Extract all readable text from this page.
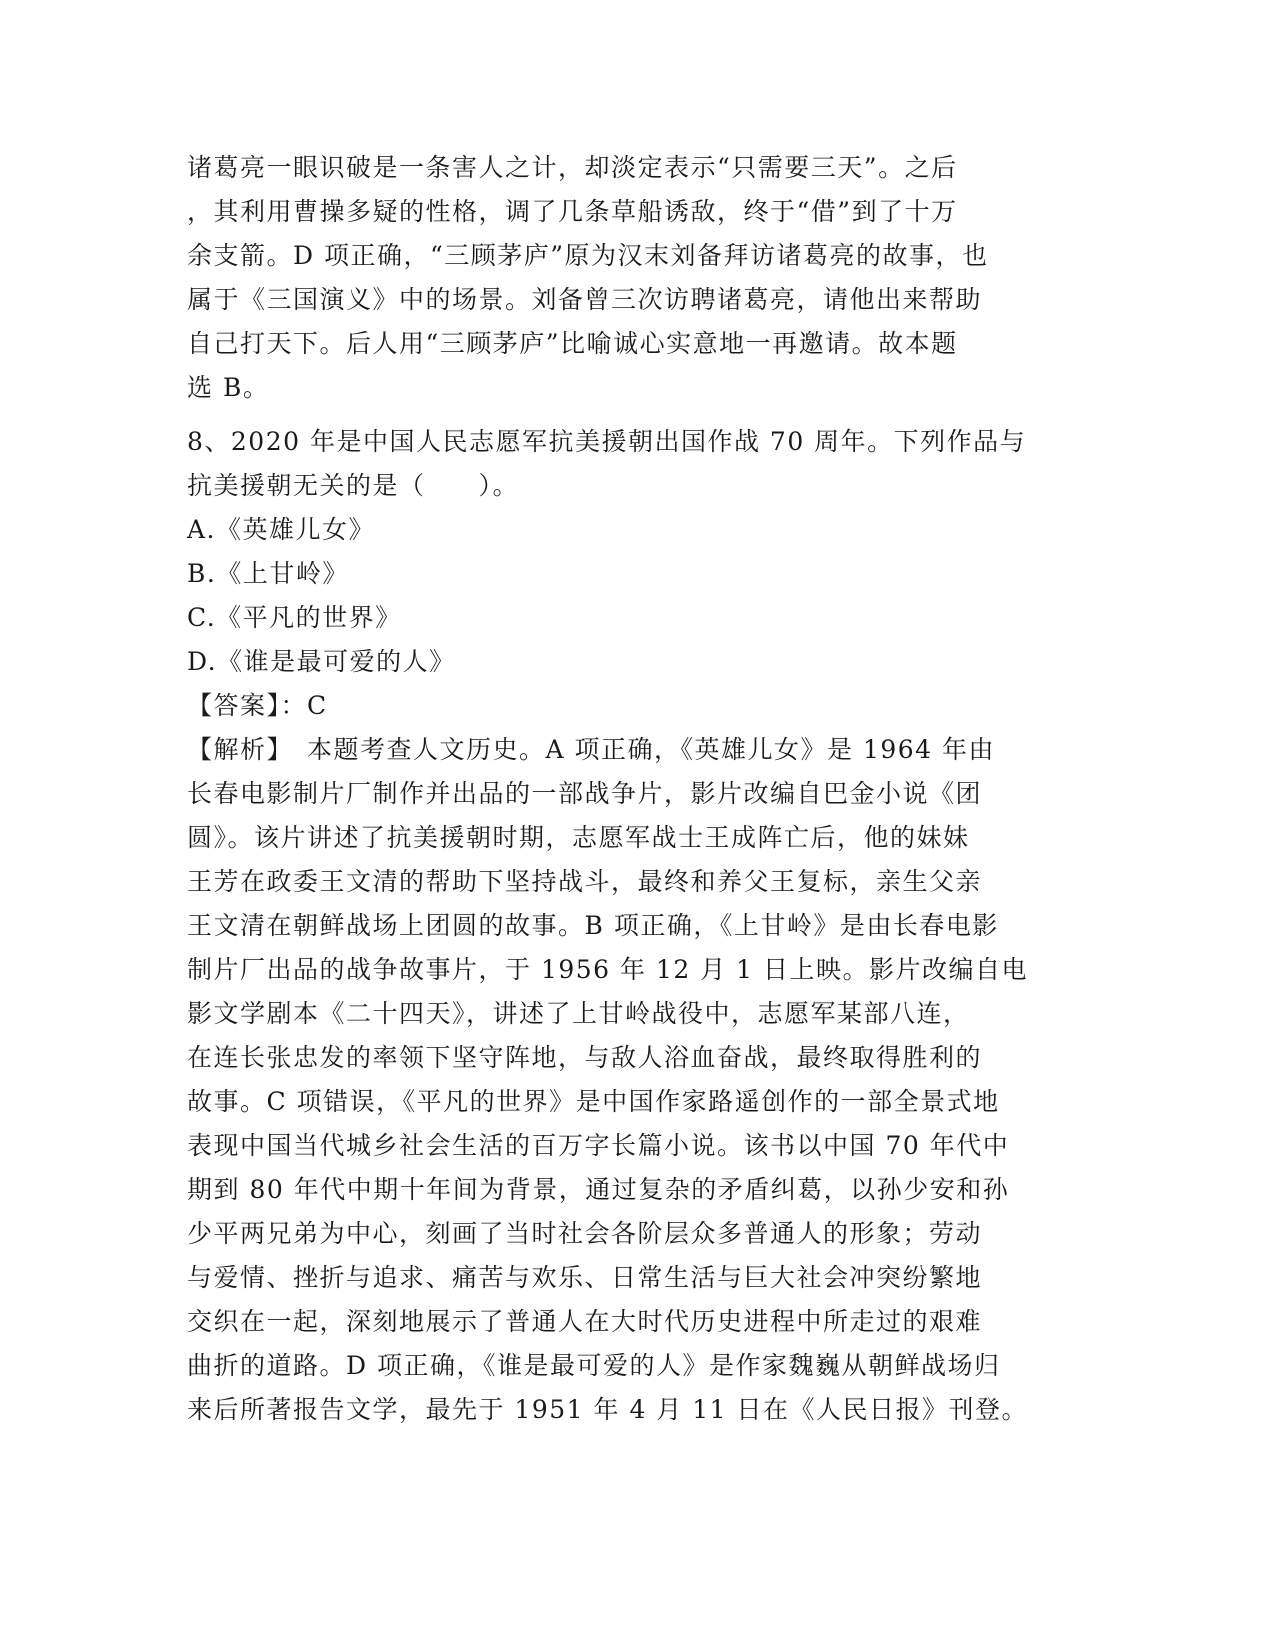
诸葛亮一眼识破是一条害人之计，却淡定表示“只需要三天”。之后
，其利用曹操多疑的性格，调了几条草船诱敌，终于“借”到了十万
余支箭。D 项正确，“三顾茅庐”原为汉末刘备拜访诸葛亮的故事，也
属于《三国演义》中的场景。刘备曾三次访聘诸葛亮，请他出来帮助
自己打天下。后人用“三顾茅庐”比喻诚心实意地一再邀请。故本题
选 B。
8、2020 年是中国人民志愿军抗美援朝出国作战 70 周年。下列作品与
抗美援朝无关的是（　　）。
A.《英雄儿女》
B.《上甘岭》
C.《平凡的世界》
D.《谁是最可爱的人》
【答案】：C
【解析】　本题考查人文历史。A 项正确，《英雄儿女》是 1964 年由
长春电影制片厂制作并出品的一部战争片，影片改编自巴金小说《团
圆》。该片讲述了抗美援朝时期，志愿军战士王成阵亡后，他的妹妹
王芳在政委王文清的帮助下坚持战斗，最终和养父王复标，亲生父亲
王文清在朝鲜战场上团圆的故事。B 项正确，《上甘岭》是由长春电影
制片厂出品的战争故事片，于 1956 年 12 月 1 日上映。影片改编自电
影文学剧本《二十四天》，讲述了上甘岭战役中，志愿军某部八连，
在连长张忠发的率领下坚守阵地，与敌人浴血奋战，最终取得胜利的
故事。C 项错误，《平凡的世界》是中国作家路遥创作的一部全景式地
表现中国当代城乡社会生活的百万字长篇小说。该书以中国 70 年代中
期到 80 年代中期十年间为背景，通过复杂的矛盾纠葛，以孙少安和孙
少平两兄弟为中心，刻画了当时社会各阶层众多普通人的形象；劳动
与爱情、挫折与追求、痛苦与欢乐、日常生活与巨大社会冲突纷繁地
交织在一起，深刻地展示了普通人在大时代历史进程中所走过的艰难
曲折的道路。D 项正确，《谁是最可爱的人》是作家魏巍从朝鲜战场归
来后所著报告文学，最先于 1951 年 4 月 11 日在《人民日报》刊登。
